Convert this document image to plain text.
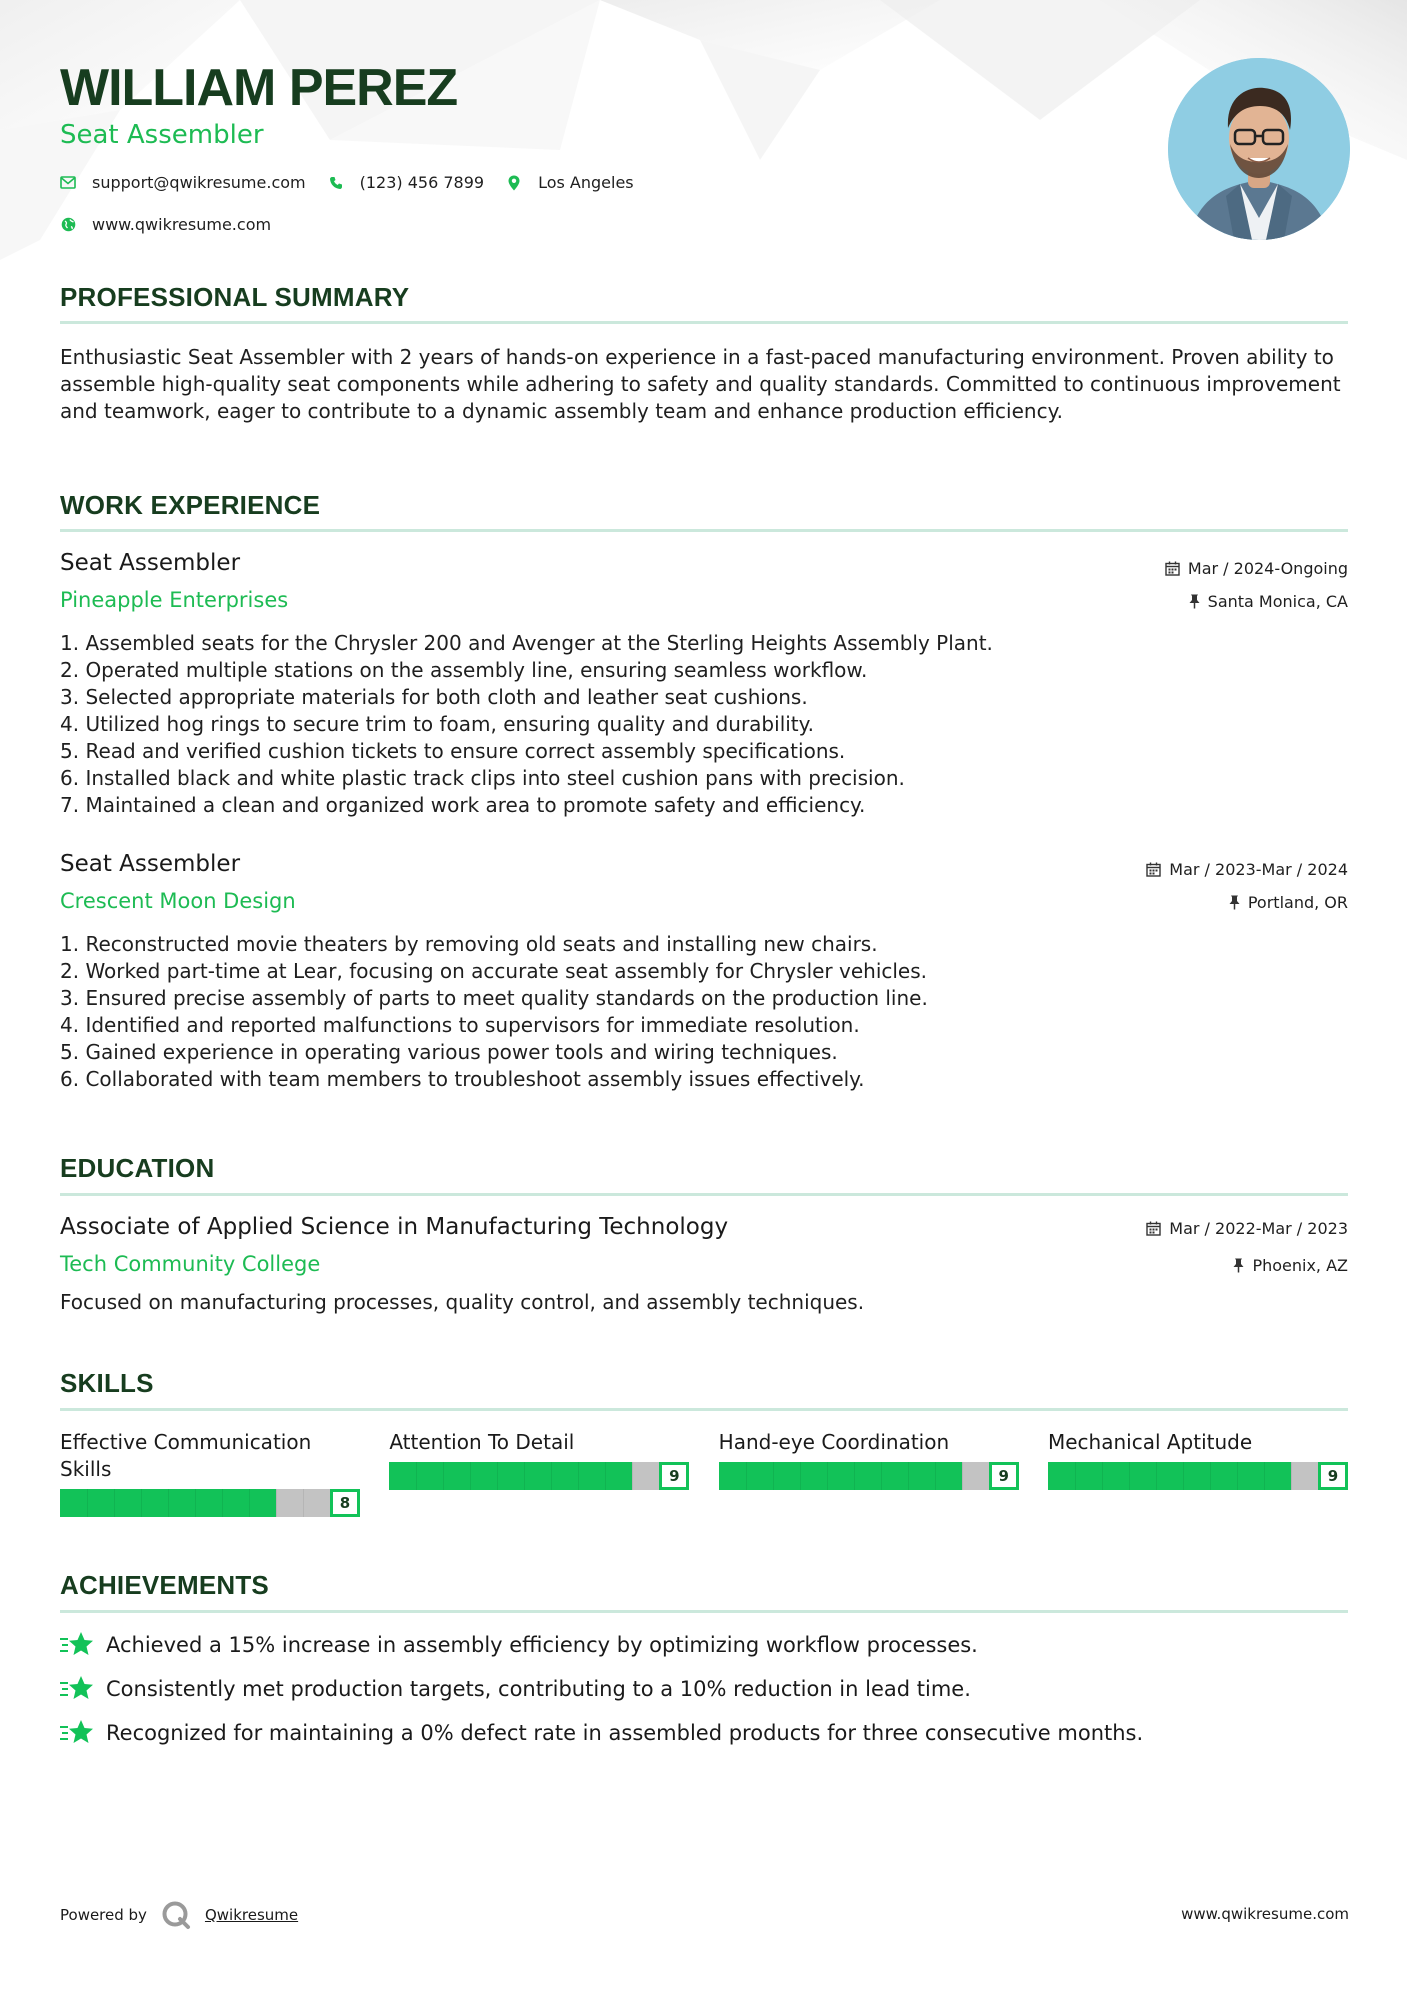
WILLIAM PEREZ
Seat Assembler
support@qwikresume.com	(123) 456 7899	Los Angeles
www.qwikresume.com
PROFESSIONAL SUMMARY
Enthusiastic Seat Assembler with 2 years of hands-on experience in a fast-paced manufacturing environment. Proven ability to assemble high-quality seat components while adhering to safety and quality standards. Committed to continuous improvement and teamwork, eager to contribute to a dynamic assembly team and enhance production efficiency.
WORK EXPERIENCE
Seat Assembler
Pineapple Enterprises
Mar / 2024-Ongoing
Santa Monica, CA
1. Assembled seats for the Chrysler 200 and Avenger at the Sterling Heights Assembly Plant.
2. Operated multiple stations on the assembly line, ensuring seamless workflow.
3. Selected appropriate materials for both cloth and leather seat cushions.
4. Utilized hog rings to secure trim to foam, ensuring quality and durability.
5. Read and verified cushion tickets to ensure correct assembly specifications.
6. Installed black and white plastic track clips into steel cushion pans with precision.
7. Maintained a clean and organized work area to promote safety and efficiency.
Seat Assembler
Crescent Moon Design
Mar / 2023-Mar / 2024
Portland, OR
1. Reconstructed movie theaters by removing old seats and installing new chairs.
2. Worked part-time at Lear, focusing on accurate seat assembly for Chrysler vehicles.
3. Ensured precise assembly of parts to meet quality standards on the production line.
4. Identified and reported malfunctions to supervisors for immediate resolution.
5. Gained experience in operating various power tools and wiring techniques.
6. Collaborated with team members to troubleshoot assembly issues effectively.
EDUCATION
Associate of Applied Science in Manufacturing Technology
Tech Community College
Mar / 2022-Mar / 2023
Phoenix, AZ
Focused on manufacturing processes, quality control, and assembly techniques.
SKILLS
Effective Communication Skills
8
Attention To Detail
9
Hand-eye Coordination
9
Mechanical Aptitude
9
ACHIEVEMENTS
Achieved a 15% increase in assembly efficiency by optimizing workflow processes.
Consistently met production targets, contributing to a 10% reduction in lead time.
Recognized for maintaining a 0% defect rate in assembled products for three consecutive months.
Powered by	Qwikresume	www.qwikresume.com
